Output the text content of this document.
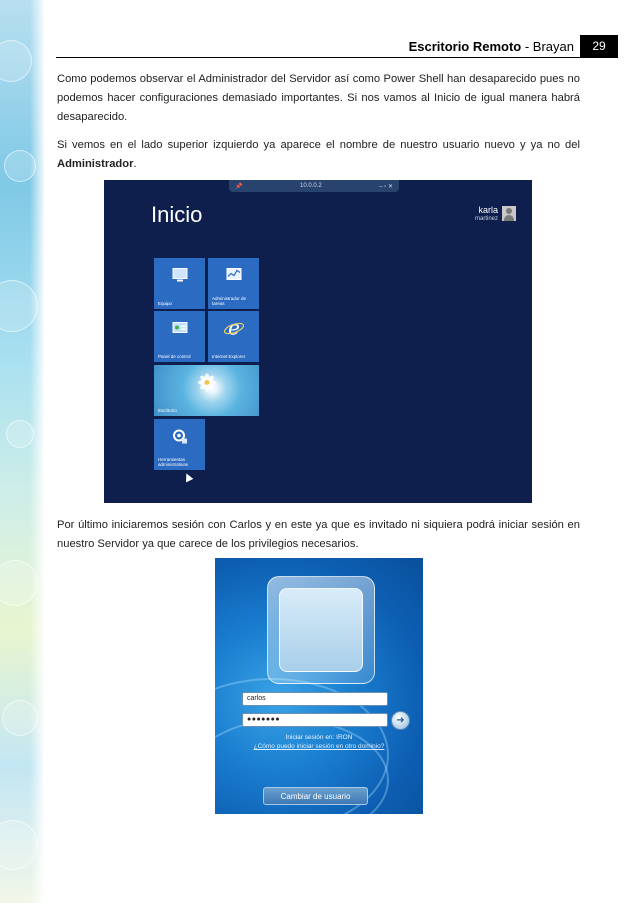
Escritorio Remoto - Brayan	29

Como podemos observar el Administrador del Servidor así como Power Shell han desaparecido pues no podemos hacer configuraciones demasiado importantes. Si nos vamos al Inicio de igual manera habrá desaparecido.

Si vemos en el lado superior izquierdo ya aparece el nombre de nuestro usuario nuevo y ya no del Administrador.

📌	10.0.0.2	– ▫ ✕
Inicio	karla
martinez
Equipo
Administrador de tareas
Panel de control
e
Internet Explorer
Escritorio
Herramientas administrativas

Por último iniciaremos sesión con Carlos y en este ya que es invitado ni siquiera podrá iniciar sesión en nuestro Servidor ya que carece de los privilegios necesarios.

carlos
●●●●●●●	➜
Iniciar sesión en: IRON
¿Cómo puedo iniciar sesión en otro dominio?
Cambiar de usuario
